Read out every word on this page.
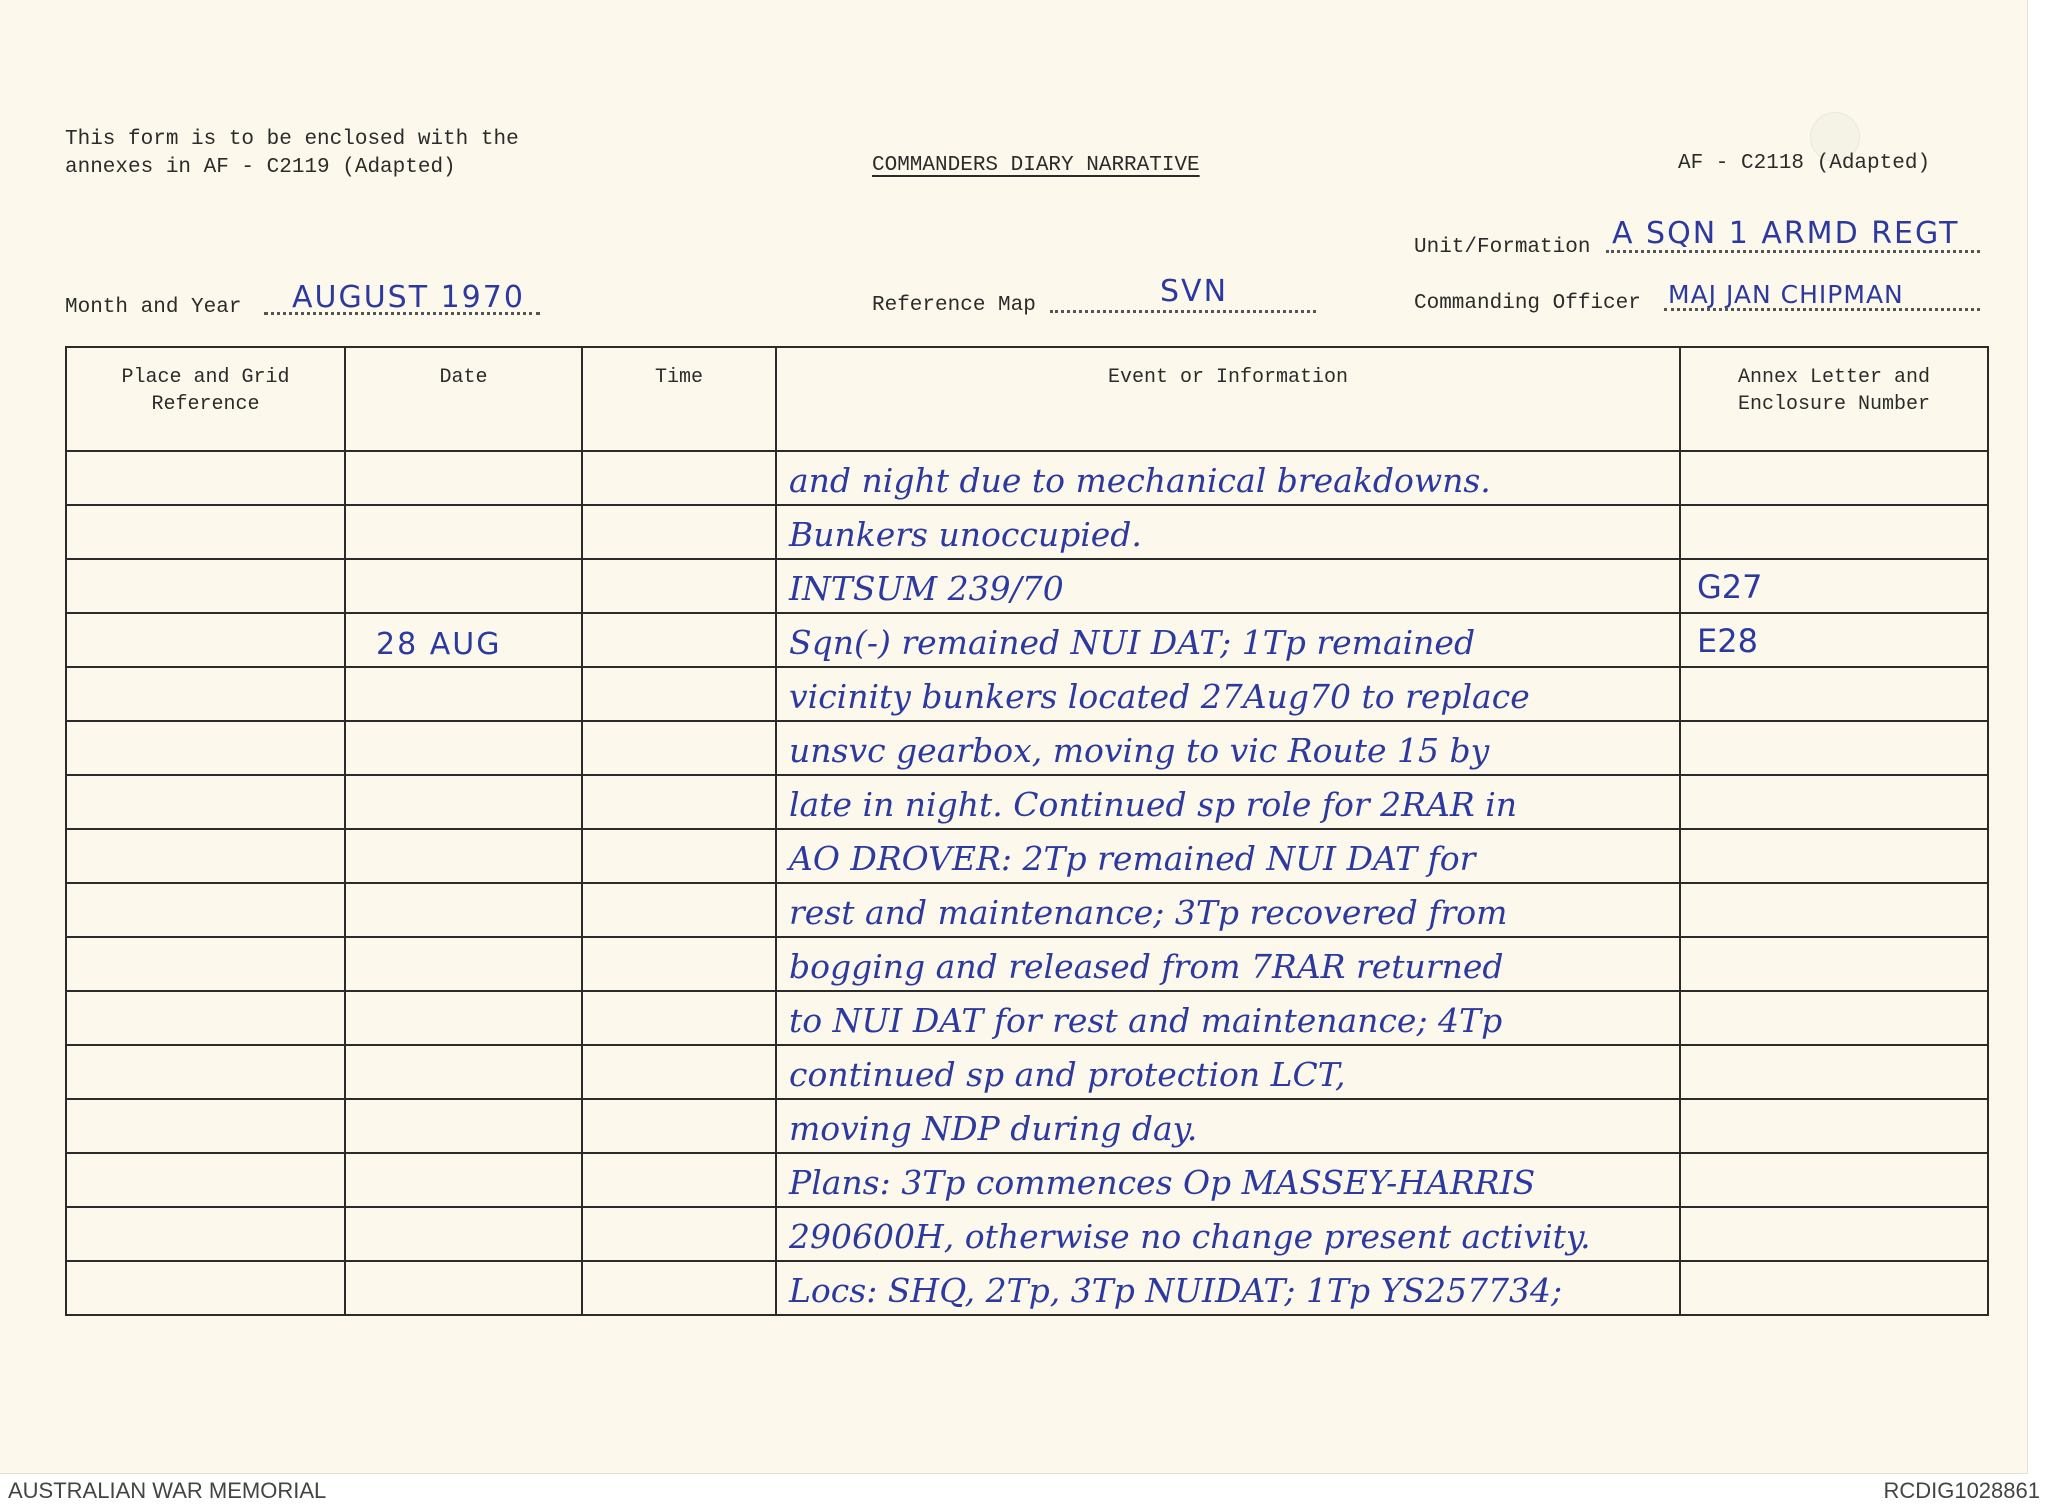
This form is to be enclosed with the
annexes in AF - C2119 (Adapted)	COMMANDERS DIARY NARRATIVE	AF - C2118 (Adapted)
Unit/Formation A SQN 1 ARMD REGT
Month and Year AUGUST 1970	Reference Map	SVN	Commanding Officer MAJ JAN CHIPMAN
Place and Grid Reference	Date	Time	Event or Information	Annex Letter and Enclosure Number

			and night due to mechanical breakdowns.	

			Bunkers unoccupied.	

			INTSUM 239/70	G27

	28 AUG		Sqn(-) remained NUI DAT; 1Tp remained	E28

			vicinity bunkers located 27Aug70 to replace	

			unsvc gearbox, moving to vic Route 15 by	

			late in night. Continued sp role for 2RAR in	

			AO DROVER: 2Tp remained NUI DAT for	

			rest and maintenance; 3Tp recovered from	

			bogging and released from 7RAR returned	

			to NUI DAT for rest and maintenance; 4Tp	

			continued sp and protection LCT,	

			moving NDP during day.	

			Plans: 3Tp commences Op MASSEY-HARRIS	

			290600H, otherwise no change present activity.	

			Locs: SHQ, 2Tp, 3Tp NUIDAT; 1Tp YS257734;	

AUSTRALIAN WAR MEMORIAL	RCDIG1028861
